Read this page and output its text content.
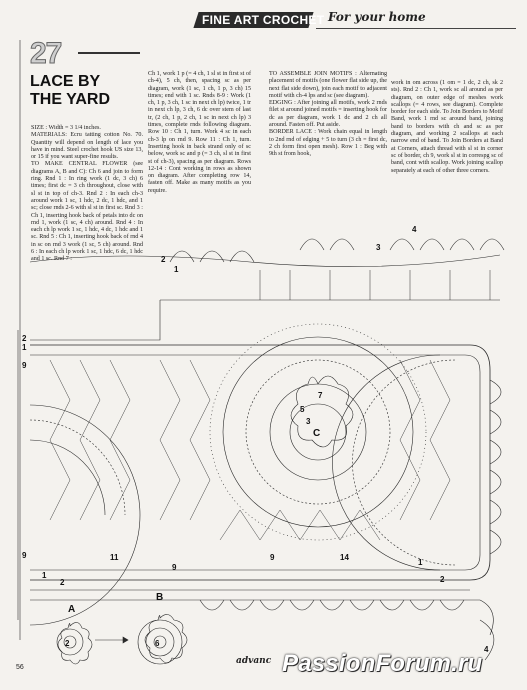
FINE ART CROCHET For your home
27
LACE BY
THE YARD

SIZE : Width = 3 1/4 inches.

MATERIALS: Ecru tatting cotton No. 70. Quantity will depend on length of lace you have in mind. Steel crochet hook US size 13, or 15 if you want super-fine results.

TO MAKE CENTRAL FLOWER (see diagrams A, B and C): Ch 6 and join to form ring. Rnd 1 : In ring work (1 dc, 3 ch) 6 times; first dc = 3 ch throughout, close with sl st in top of ch-3. Rnd 2 : In each ch-3 around work 1 sc, 1 hdc, 2 dc, 1 hdc, and 1 sc; close rnds 2-6 with sl st in first sc. Rnd 3 : Ch 1, inserting hook back of petals into dc on rnd 1, work (1 sc, 4 ch) around. Rnd 4 : In each ch lp work 1 sc, 1 hdc, 4 dc, 1 hdc and 1 sc. Rnd 5 : Ch 1, inserting hook back of rnd 4 in sc on rnd 3 work (1 sc, 5 ch) around. Rnd 6 : In each ch lp work 1 sc, 1 hdc, 6 dc, 1 hdc and 1 sc. Rnd 7 :

Ch 1, work 1 p (= 4 ch, 1 sl st in first st of ch-4), 5 ch, then, spacing sc as per diagram, work (1 sc, 1 ch, 1 p, 3 ch) 15 times; end with 1 sc. Rnds 8-9 : Work (1 ch, 1 p, 3 ch, 1 sc in next ch lp) twice, 1 tr in next ch lp, 3 ch, 6 dc over stem of last tr, (2 ch, 1 p, 2 ch, 1 sc in next ch lp) 3 times, complete rnds following diagram. Row 10 : Ch 1, turn. Work 4 sc in each ch-3 lp on rnd 9. Row 11 : Ch 1, turn. Inserting hook in back strand only of sc below, work sc and p (= 3 ch, sl st in first st of ch-3), spacing as per diagram. Rows 12-14 : Cont working in rows as shown on diagram. After completing row 14, fasten off. Make as many motifs as you require.

TO ASSEMBLE JOIN MOTIFS : Alternating placement of motifs (one flower flat side up, the next flat side down), join each motif to adjacent motif with ch-4 lps and sc (see diagram).

EDGING : After joining all motifs, work 2 rnds filet st around joined motifs = inserting hook for dc as per diagram, work 1 dc and 2 ch all around. Fasten off. Put aside.

BORDER LACE : Work chain equal in length to 2nd rnd of edging + 5 to turn (3 ch = first dc, 2 ch form first open mesh). Row 1 : Beg with 9th st from hook,

work in om across (1 om = 1 dc, 2 ch, sk 2 sts). Rnd 2 : Ch 1, work sc all around as per diagram, on outer edge of meshes work scallops (= 4 rows, see diagram). Complete border for each side. To Join Borders to Motif Band, work 1 rnd sc around band, joining band to borders with ch and sc as per diagram, and working 2 scallops at each narrow end of band. To Join Borders at Band at Corners, attach thread with sl st in corner sc of border, ch 9, work sl st in correspg sc of band, cont with scallop. Work joining scallop separately at each of other three corners.

C
A
B
2
1
3
4
2
1
9
9	11	9	14
1
2
1
2
9
7
5
3
2	6
4
56
advanc PassionForum.ru
